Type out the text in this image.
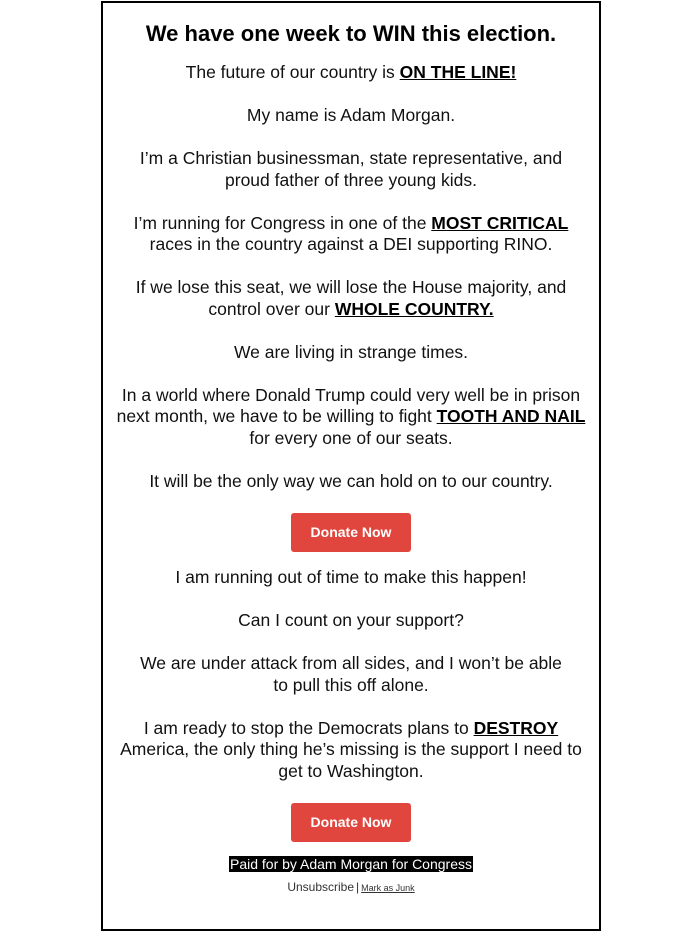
We have one week to WIN this election.

The future of our country is ON THE LINE!

My name is Adam Morgan.

I’m a Christian businessman, state representative, and proud father of three young kids.

I’m running for Congress in one of the MOST CRITICAL races in the country against a DEI supporting RINO.

If we lose this seat, we will lose the House majority, and control over our WHOLE COUNTRY.

We are living in strange times.

In a world where Donald Trump could very well be in prison next month, we have to be willing to fight TOOTH AND NAIL for every one of our seats.

It will be the only way we can hold on to our country.

Donate Now

I am running out of time to make this happen!

Can I count on your support?

We are under attack from all sides, and I won’t be able to pull this off alone.

I am ready to stop the Democrats plans to DESTROY America, the only thing he’s missing is the support I need to get to Washington.

Donate Now
Paid for by Adam Morgan for Congress
Unsubscribe | Mark as Junk
